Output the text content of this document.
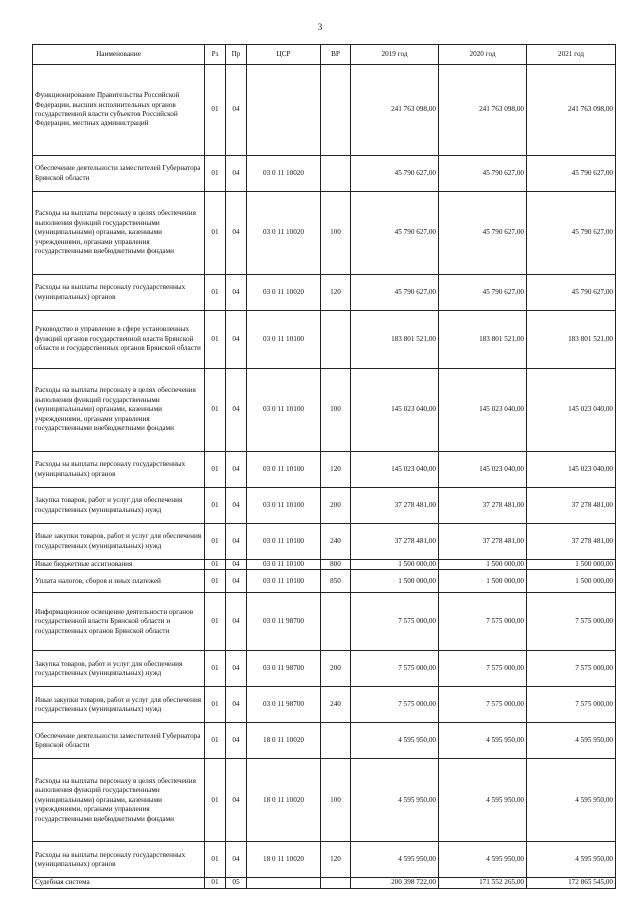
3
Наименование	Рз	Пр	ЦСР	ВР	2019 год	2020 год	2021 год
Функционирование Правительства Российской Федерации, высших исполнительных органов государственной власти субъектов Российской Федерации, местных администраций	01	04			241 763 098,00	241 763 098,00	241 763 098,00
Обеспечение деятельности заместителей Губернатора Брянской области	01	04	03 0 11 10020		45 790 627,00	45 790 627,00	45 790 627,00
Расходы на выплаты персоналу в целях обеспечения выполнения функций государственными (муниципальными) органами, казенными учреждениями, органами управления государственными внебюджетными фондами	01	04	03 0 11 10020	100	45 790 627,00	45 790 627,00	45 790 627,00
Расходы на выплаты персоналу государственных (муниципальных) органов	01	04	03 0 11 10020	120	45 790 627,00	45 790 627,00	45 790 627,00
Руководство и управление в сфере установленных функций органов государственной власти Брянской области и государственных органов Брянской области	01	04	03 0 11 10100		183 801 521,00	183 801 521,00	183 801 521,00
Расходы на выплаты персоналу в целях обеспечения выполнения функций государственными (муниципальными) органами, казенными учреждениями, органами управления государственными внебюджетными фондами	01	04	03 0 11 10100	100	145 023 040,00	145 023 040,00	145 023 040,00
Расходы на выплаты персоналу государственных (муниципальных) органов	01	04	03 0 11 10100	120	145 023 040,00	145 023 040,00	145 023 040,00
Закупка товаров, работ и услуг для обеспечения государственных (муниципальных) нужд	01	04	03 0 11 10100	200	37 278 481,00	37 278 481,00	37 278 481,00
Иные закупки товаров, работ и услуг для обеспечения государственных (муниципальных) нужд	01	04	03 0 11 10100	240	37 278 481,00	37 278 481,00	37 278 481,00
Иные бюджетные ассигнования	01	04	03 0 11 10100	800	1 500 000,00	1 500 000,00	1 500 000,00
Уплата налогов, сборов и иных платежей	01	04	03 0 11 10100	850	1 500 000,00	1 500 000,00	1 500 000,00
Информационное освещение деятельности органов государственной власти Брянской области и государственных органов Брянской области	01	04	03 0 11 98700		7 575 000,00	7 575 000,00	7 575 000,00
Закупка товаров, работ и услуг для обеспечения государственных (муниципальных) нужд	01	04	03 0 11 98700	200	7 575 000,00	7 575 000,00	7 575 000,00
Иные закупки товаров, работ и услуг для обеспечения государственных (муниципальных) нужд	01	04	03 0 11 98700	240	7 575 000,00	7 575 000,00	7 575 000,00
Обеспечение деятельности заместителей Губернатора Брянской области	01	04	18 0 11 10020		4 595 950,00	4 595 950,00	4 595 950,00
Расходы на выплаты персоналу в целях обеспечения выполнения функций государственными (муниципальными) органами, казенными учреждениями, органами управления государственными внебюджетными фондами	01	04	18 0 11 10020	100	4 595 950,00	4 595 950,00	4 595 950,00
Расходы на выплаты персоналу государственных (муниципальных) органов	01	04	18 0 11 10020	120	4 595 950,00	4 595 950,00	4 595 950,00
Судебная система	01	05			200 398 722,00	171 552 265,00	172 865 545,00
